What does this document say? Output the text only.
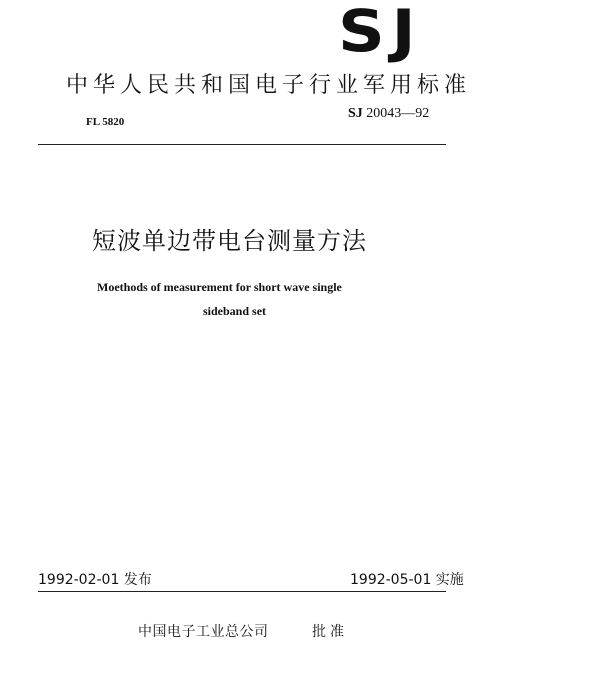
SJ
中华人民共和国电子行业军用标准
FL 5820
SJ 20043—92
短波单边带电台测量方法
Moethods of measurement for short wave single
sideband set
1992-02-01 发布	1992-05-01 实施
中国电子工业总公司	批准
